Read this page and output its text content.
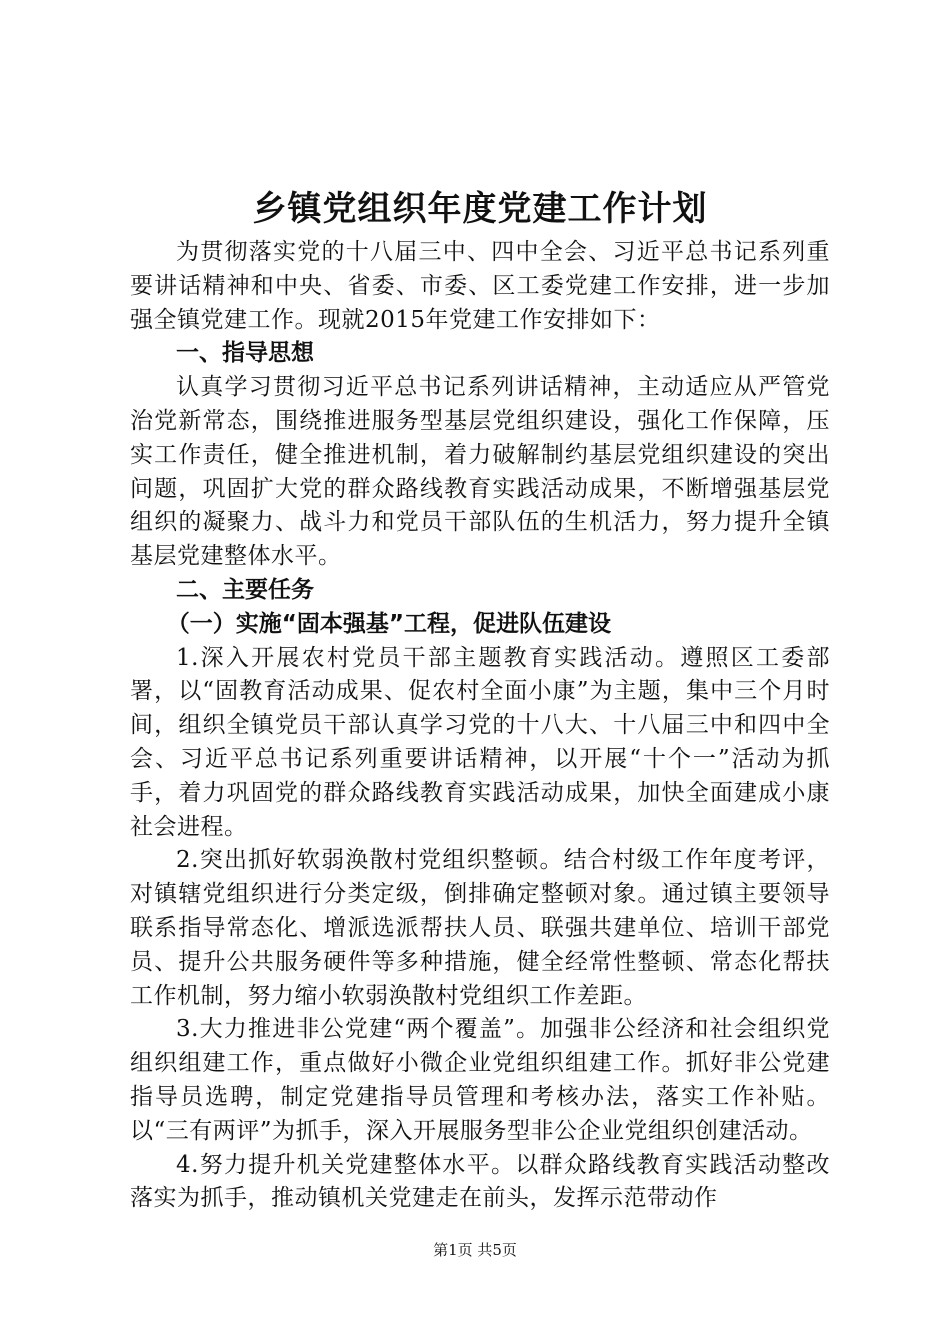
乡镇党组织年度党建工作计划

为贯彻落实党的十八届三中、四中全会、习近平总书记系列重要讲话精神和中央、省委、市委、区工委党建工作安排，进一步加强全镇党建工作。现就2015年党建工作安排如下：

一、指导思想

认真学习贯彻习近平总书记系列讲话精神，主动适应从严管党治党新常态，围绕推进服务型基层党组织建设，强化工作保障，压实工作责任，健全推进机制，着力破解制约基层党组织建设的突出问题，巩固扩大党的群众路线教育实践活动成果，不断增强基层党组织的凝聚力、战斗力和党员干部队伍的生机活力，努力提升全镇基层党建整体水平。

二、主要任务

（一）实施“固本强基”工程，促进队伍建设

1.深入开展农村党员干部主题教育实践活动。遵照区工委部署，以“固教育活动成果、促农村全面小康”为主题，集中三个月时间，组织全镇党员干部认真学习党的十八大、十八届三中和四中全会、习近平总书记系列重要讲话精神，以开展“十个一”活动为抓手，着力巩固党的群众路线教育实践活动成果，加快全面建成小康社会进程。

2.突出抓好软弱涣散村党组织整顿。结合村级工作年度考评，对镇辖党组织进行分类定级，倒排确定整顿对象。通过镇主要领导联系指导常态化、增派选派帮扶人员、联强共建单位、培训干部党员、提升公共服务硬件等多种措施，健全经常性整顿、常态化帮扶工作机制，努力缩小软弱涣散村党组织工作差距。

3.大力推进非公党建“两个覆盖”。加强非公经济和社会组织党组织组建工作，重点做好小微企业党组织组建工作。抓好非公党建指导员选聘，制定党建指导员管理和考核办法，落实工作补贴。以“三有两评”为抓手，深入开展服务型非公企业党组织创建活动。

4.努力提升机关党建整体水平。以群众路线教育实践活动整改落实为抓手，推动镇机关党建走在前头，发挥示范带动作

第1页 共5页
